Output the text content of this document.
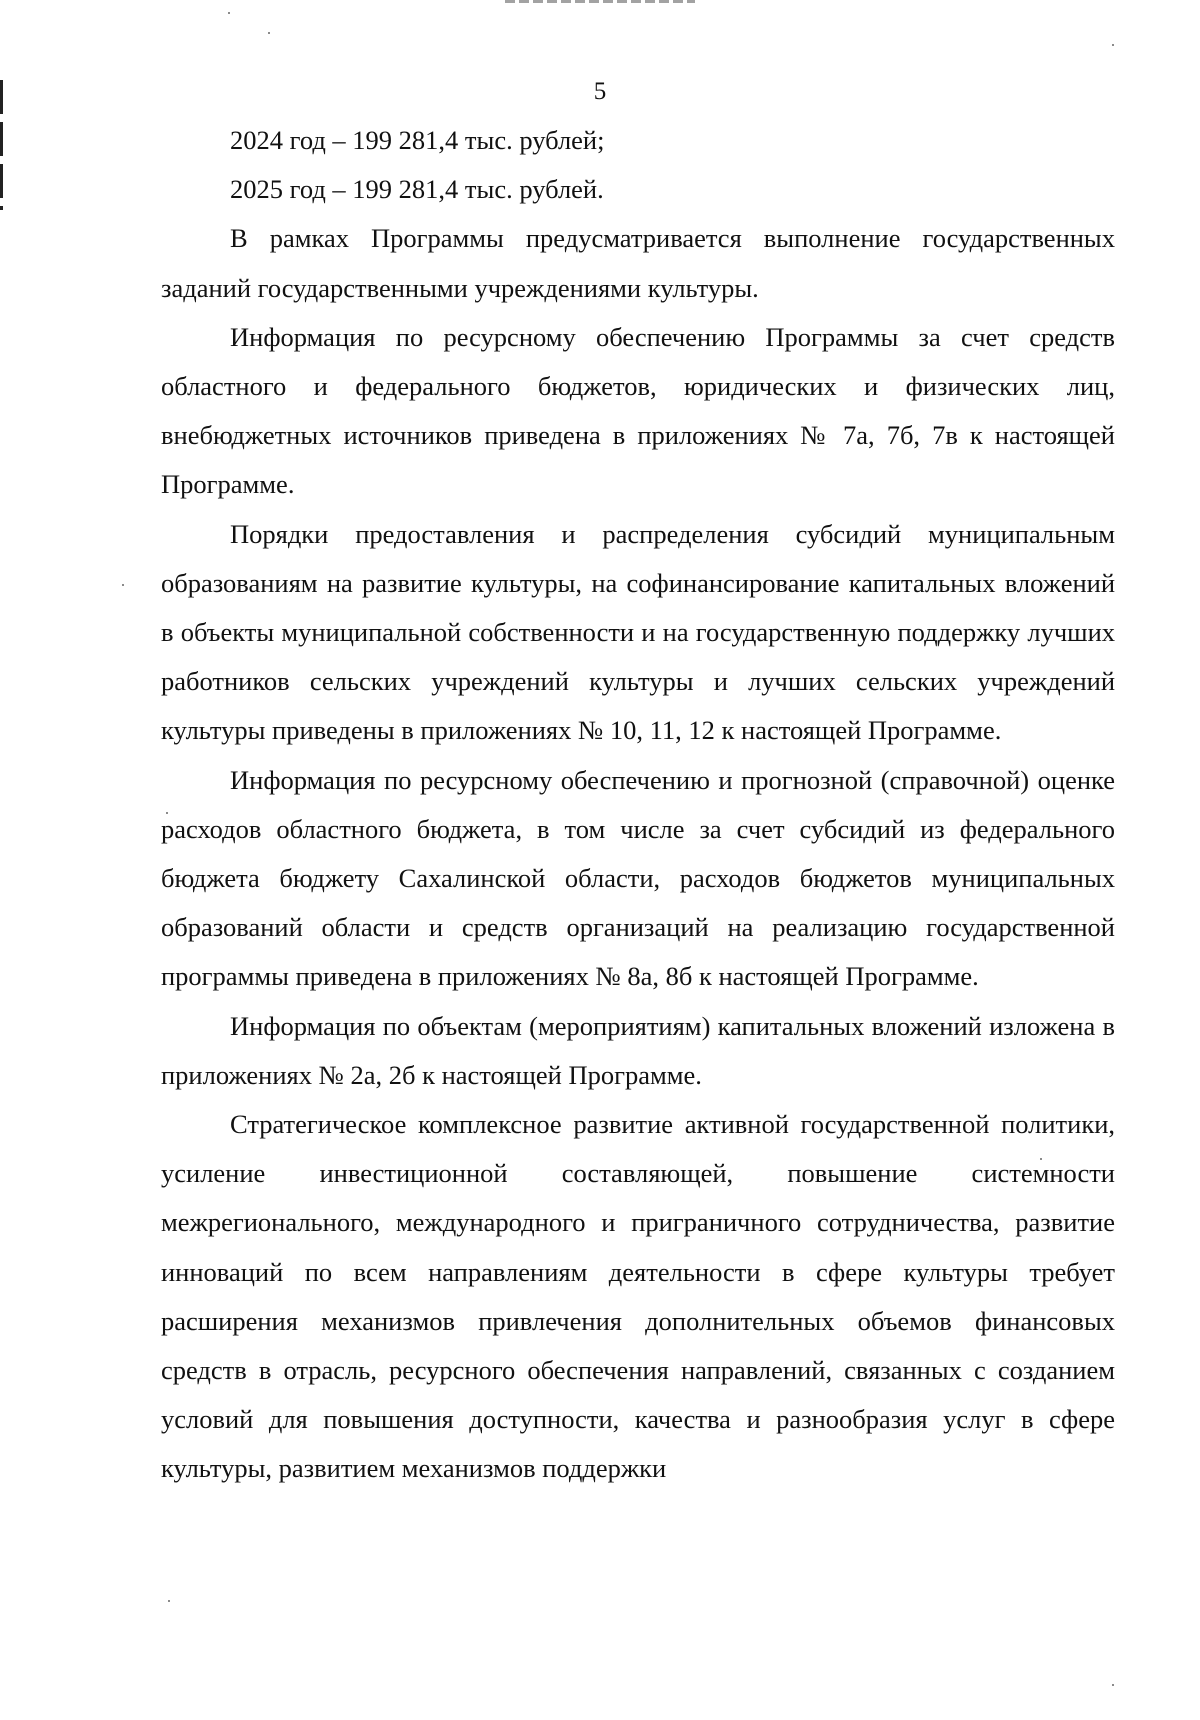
5

2024 год – 199 281,4 тыс. рублей;

2025 год – 199 281,4 тыс. рублей.

В рамках Программы предусматривается выполнение государственных заданий государственными учреждениями культуры.

Информация по ресурсному обеспечению Программы за счет средств областного и федерального бюджетов, юридических и физических лиц, внебюджетных источников приведена в приложениях № 7а, 7б, 7в к настоящей Программе.

Порядки предоставления и распределения субсидий муниципальным образованиям на развитие культуры, на софинансирование капитальных вложений в объекты муниципальной собственности и на государственную поддержку лучших работников сельских учреждений культуры и лучших сельских учреждений культуры приведены в приложениях № 10, 11, 12 к настоящей Программе.

Информация по ресурсному обеспечению и прогнозной (справочной) оценке расходов областного бюджета, в том числе за счет субсидий из федерального бюджета бюджету Сахалинской области, расходов бюджетов муниципальных образований области и средств организаций на реализацию государственной программы приведена в приложениях № 8а, 8б к настоящей Программе.

Информация по объектам (мероприятиям) капитальных вложений изложена в приложениях № 2а, 2б к настоящей Программе.

Стратегическое комплексное развитие активной государственной политики, усиление инвестиционной составляющей, повышение системности межрегионального, международного и приграничного сотрудничества, развитие инноваций по всем направлениям деятельности в сфере культуры требует расширения механизмов привлечения дополнительных объемов финансовых средств в отрасль, ресурсного обеспечения направлений, связанных с созданием условий для повышения доступности, качества и разнообразия услуг в сфере культуры, развитием механизмов поддержки
